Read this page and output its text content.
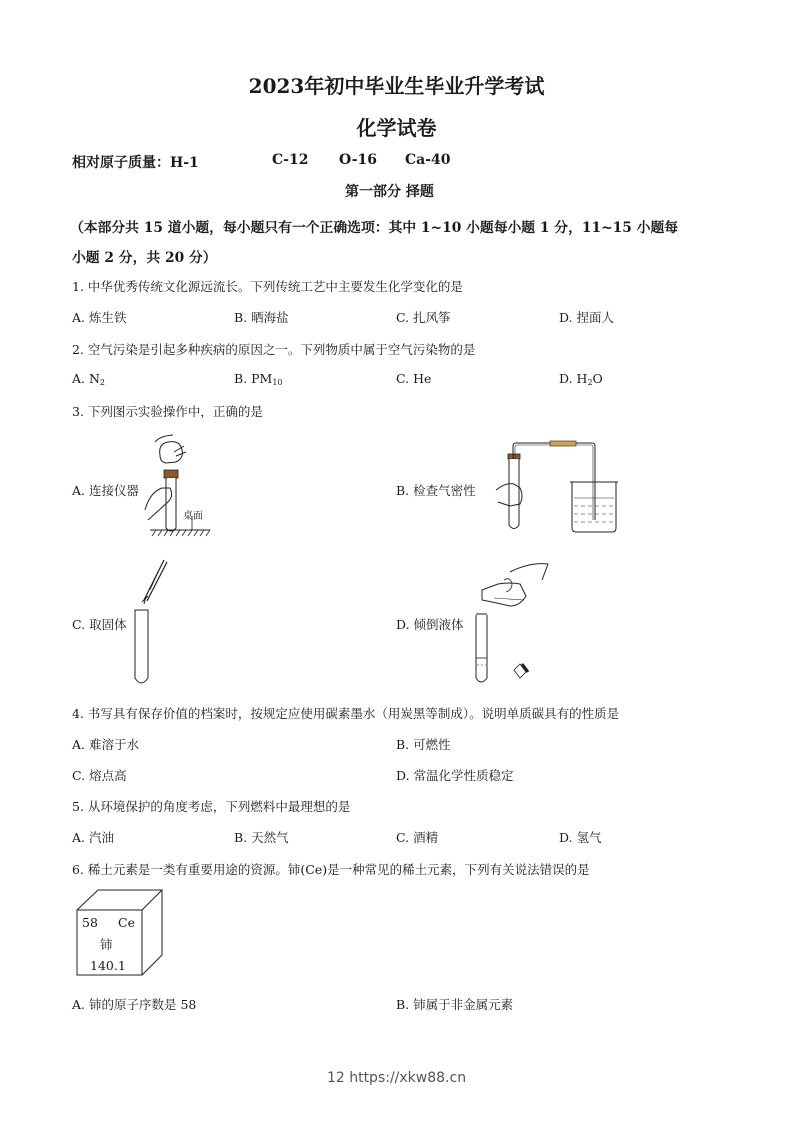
2023年初中毕业生毕业升学考试
化学试卷
相对原子质量：H-1	C-12 O-16 Ca-40
第一部分 择题
（本部分共 15 道小题，每小题只有一个正确选项：其中 1~10 小题每小题 1 分，11~15 小题每
小题 2 分，共 20 分）
1. 中华优秀传统文化源远流长。下列传统工艺中主要发生化学变化的是
A. 炼生铁	B. 晒海盐	C. 扎风筝	D. 捏面人
2. 空气污染是引起多种疾病的原因之一。下列物质中属于空气污染物的是
A. $N_2$	B. $PM_{10}$	C. He	D. $H_2O$
3. 下列图示实验操作中，正确的是
A. 连接仪器
桌面
B. 检查气密性
C. 取固体	D. 倾倒液体
4. 书写具有保存价值的档案时，按规定应使用碳素墨水（用炭黑等制成）。说明单质碳具有的性质是
A. 难溶于水	B. 可燃性
C. 熔点高	D. 常温化学性质稳定
5. 从环境保护的角度考虑，下列燃料中最理想的是
A. 汽油	B. 天然气	C. 酒精	D. 氢气
6. 稀土元素是一类有重要用途的资源。铈(Ce)是一种常见的稀土元素，下列有关说法错误的是
58 Ce
铈
140.1
A. 铈的原子序数是 58	B. 铈属于非金属元素
12 https://xkw88.cn
